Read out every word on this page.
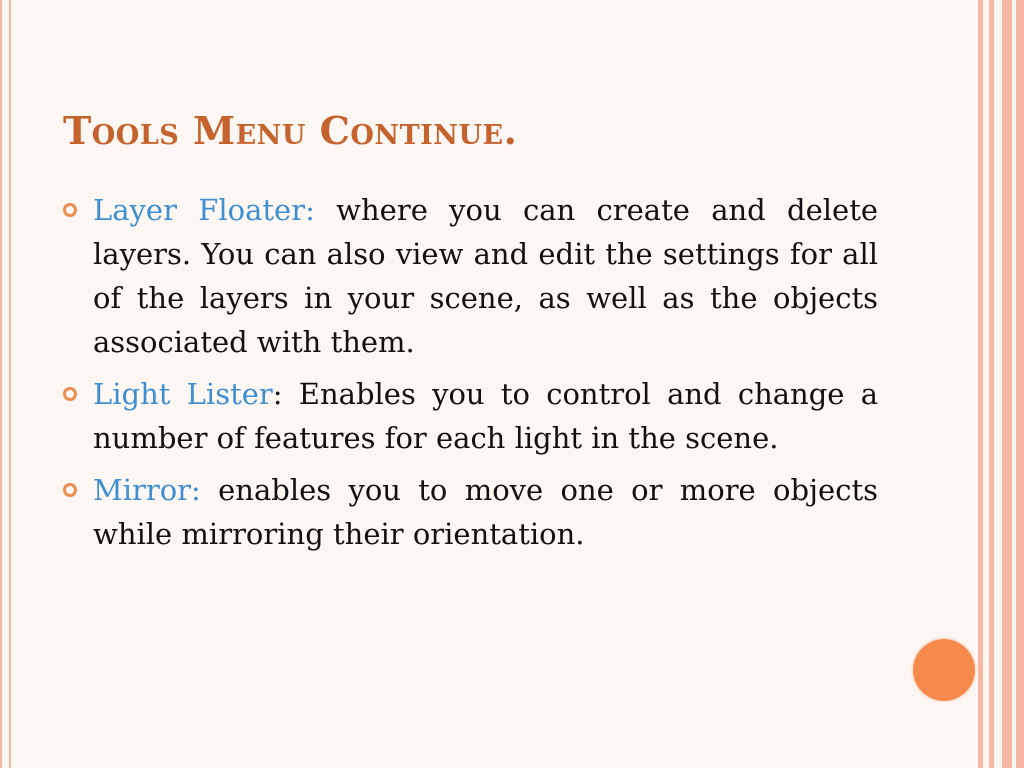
Tools Menu Continue.
Layer Floater: where you can create and delete layers. You can also view and edit the settings for all of the layers in your scene, as well as the objects associated with them.
Light Lister: Enables you to control and change a number of features for each light in the scene.
Mirror: enables you to move one or more objects while mirroring their orientation.
